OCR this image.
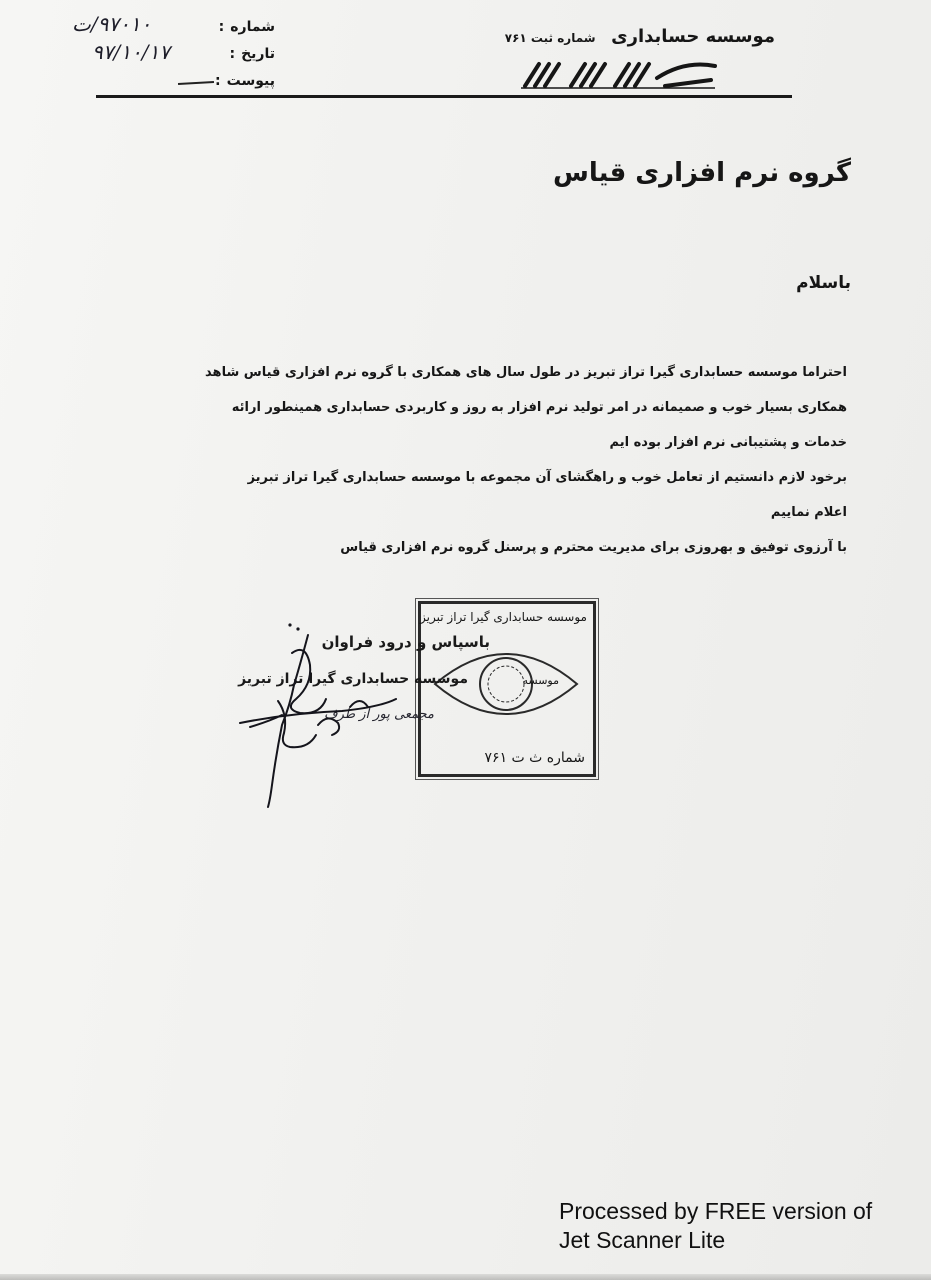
شماره:
تاریخ:
پیوست:
۹۷۰۱۰/ت
۹۷/۱۰/۱۷
موسسه حسابداری شماره ثبت ۷۶۱
گروه نرم افزاری قیاس
باسلام
احتراما موسسه حسابداری گیرا تراز تبریز در طول سال های همکاری با گروه نرم افزاری قیاس شاهد
همکاری بسیار خوب و صمیمانه در امر تولید نرم افزار به روز و کاربردی حسابداری همینطور ارائه
خدمات و پشتیبانی نرم افزار بوده ایم
برخود لازم دانستیم از تعامل خوب و راهگشای آن مجموعه با موسسه حسابداری گیرا تراز تبریز
اعلام نماییم
با آرزوی توفیق و بهروزی برای مدیریت محترم و پرسنل گروه نرم افزاری قیاس
موسسه حسابداری گیرا تراز تبریز
موسسه
شماره ث ت ۷۶۱
باسپاس و درود فراوان
موسسه حسابداری گیرا تراز تبریز
مجمعی پور از طرف
Processed by FREE version of
Jet Scanner Lite
